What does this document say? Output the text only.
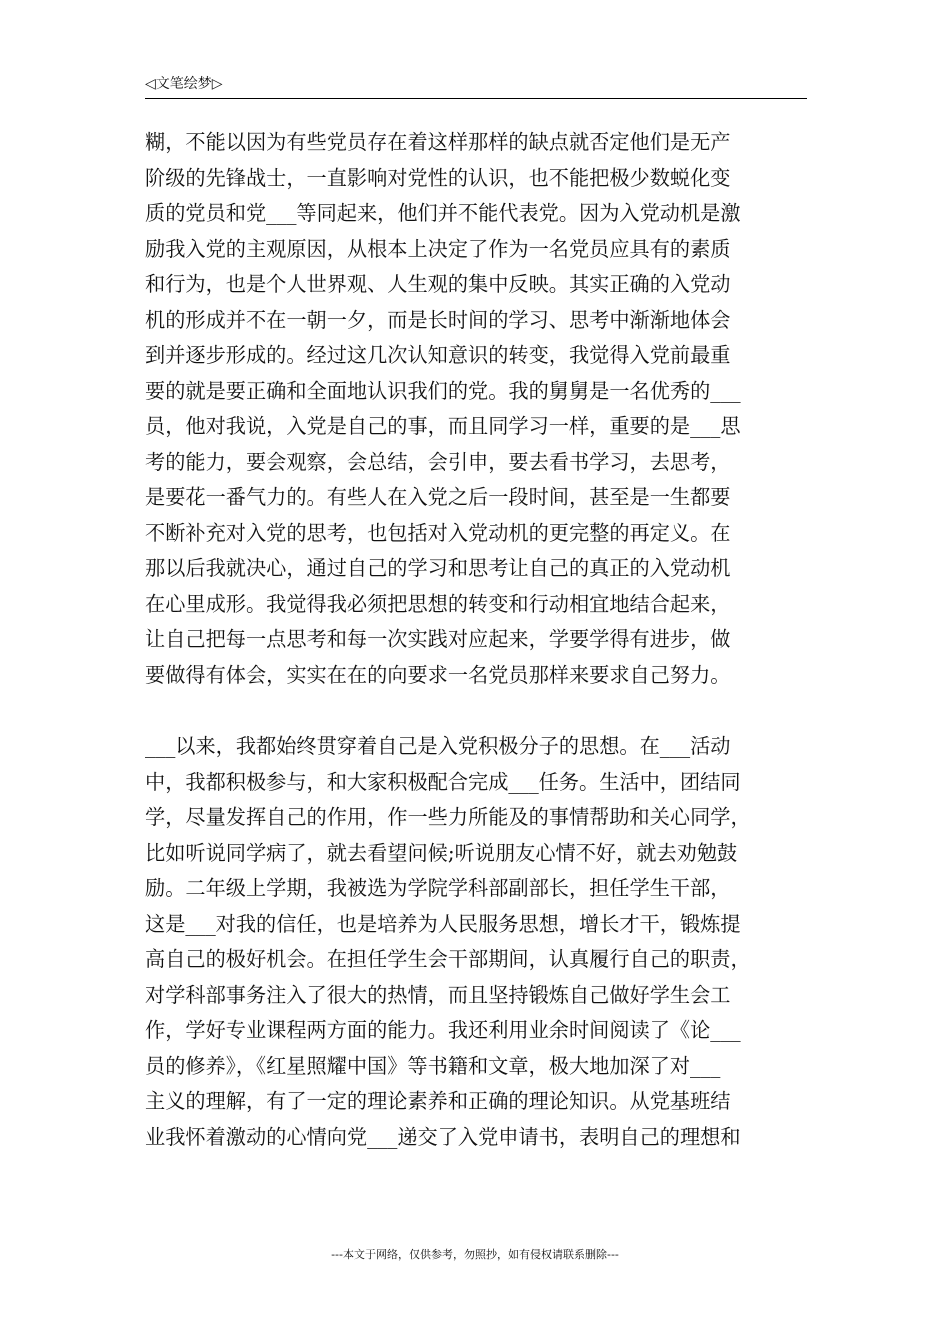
◁文笔绘梦▷

糊，不能以因为有些党员存在着这样那样的缺点就否定他们是无产
阶级的先锋战士，一直影响对党性的认识，也不能把极少数蜕化变
质的党员和党___等同起来，他们并不能代表党。因为入党动机是激
励我入党的主观原因，从根本上决定了作为一名党员应具有的素质
和行为，也是个人世界观、人生观的集中反映。其实正确的入党动
机的形成并不在一朝一夕，而是长时间的学习、思考中渐渐地体会
到并逐步形成的。经过这几次认知意识的转变，我觉得入党前最重
要的就是要正确和全面地认识我们的党。我的舅舅是一名优秀的___
员，他对我说，入党是自己的事，而且同学习一样，重要的是___思
考的能力，要会观察，会总结，会引申，要去看书学习，去思考，
是要花一番气力的。有些人在入党之后一段时间，甚至是一生都要
不断补充对入党的思考，也包括对入党动机的更完整的再定义。在
那以后我就决心，通过自己的学习和思考让自己的真正的入党动机
在心里成形。我觉得我必须把思想的转变和行动相宜地结合起来，
让自己把每一点思考和每一次实践对应起来，学要学得有进步，做
要做得有体会，实实在在的向要求一名党员那样来要求自己努力。

___以来，我都始终贯穿着自己是入党积极分子的思想。在___活动
中，我都积极参与，和大家积极配合完成___任务。生活中，团结同
学，尽量发挥自己的作用，作一些力所能及的事情帮助和关心同学，
比如听说同学病了，就去看望问候;听说朋友心情不好，就去劝勉鼓
励。二年级上学期，我被选为学院学科部副部长，担任学生干部，
这是___对我的信任，也是培养为人民服务思想，增长才干，锻炼提
高自己的极好机会。在担任学生会干部期间，认真履行自己的职责，
对学科部事务注入了很大的热情，而且坚持锻炼自己做好学生会工
作，学好专业课程两方面的能力。我还利用业余时间阅读了《论___
员的修养》，《红星照耀中国》等书籍和文章，极大地加深了对___
主义的理解，有了一定的理论素养和正确的理论知识。从党基班结
业我怀着激动的心情向党___递交了入党申请书，表明自己的理想和

---本文于网络，仅供参考，勿照抄，如有侵权请联系删除---
